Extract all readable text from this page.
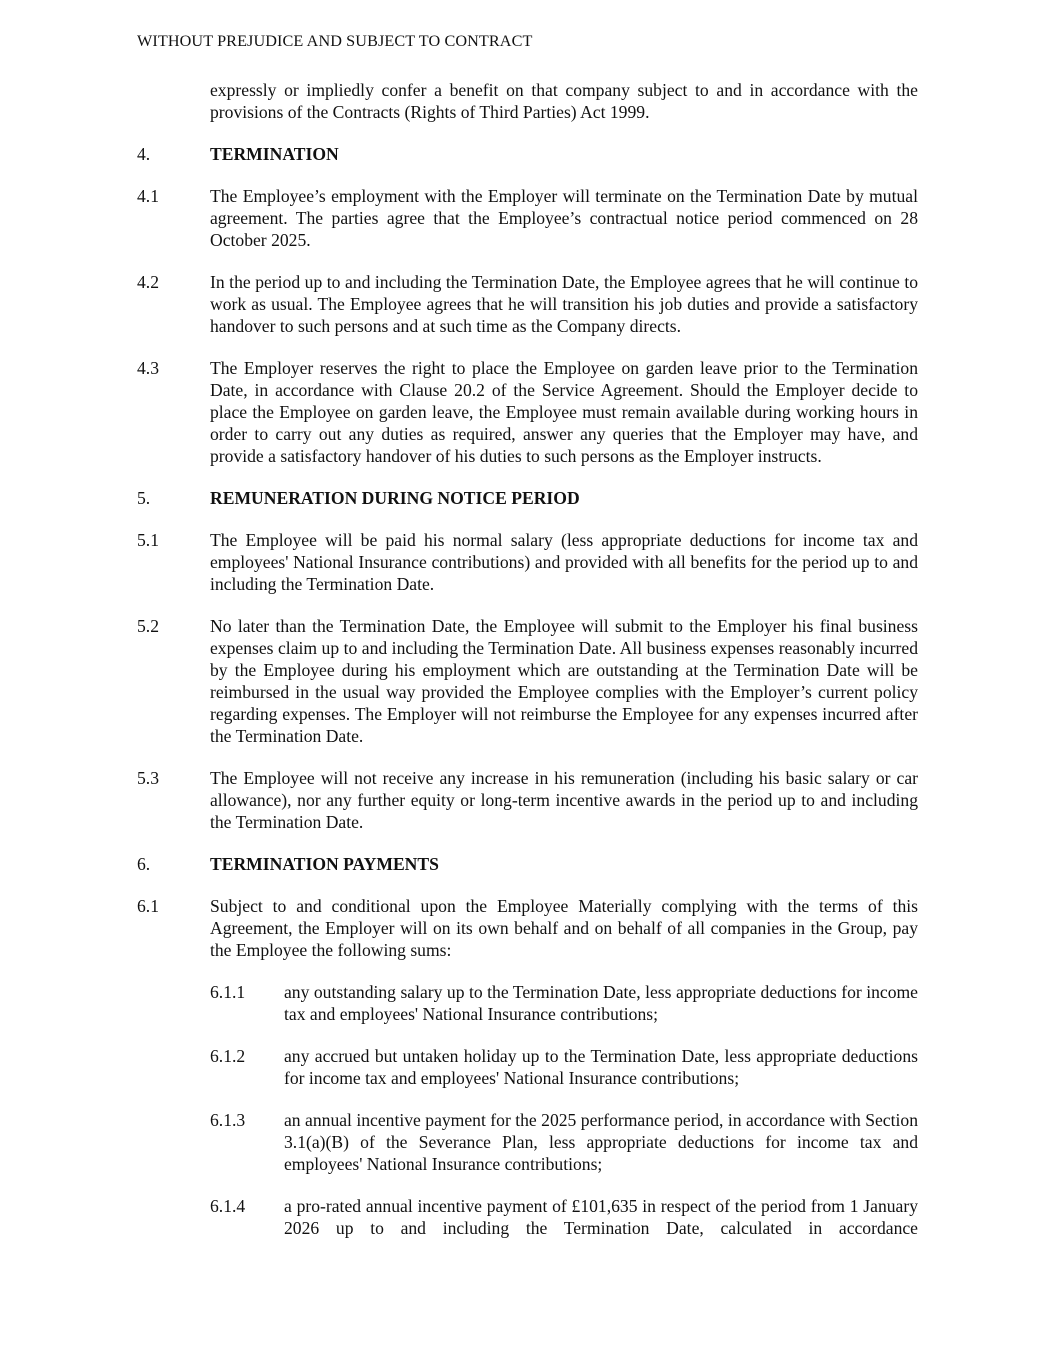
WITHOUT PREJUDICE AND SUBJECT TO CONTRACT
expressly or impliedly confer a benefit on that company subject to and in accordance with the provisions of the Contracts (Rights of Third Parties) Act 1999.
4.	TERMINATION
4.1	The Employee’s employment with the Employer will terminate on the Termination Date by mutual agreement. The parties agree that the Employee’s contractual notice period commenced on 28 October 2025.
4.2	In the period up to and including the Termination Date, the Employee agrees that he will continue to work as usual. The Employee agrees that he will transition his job duties and provide a satisfactory handover to such persons and at such time as the Company directs.
4.3	The Employer reserves the right to place the Employee on garden leave prior to the Termination Date, in accordance with Clause 20.2 of the Service Agreement. Should the Employer decide to place the Employee on garden leave, the Employee must remain available during working hours in order to carry out any duties as required, answer any queries that the Employer may have, and provide a satisfactory handover of his duties to such persons as the Employer instructs.
5.	REMUNERATION DURING NOTICE PERIOD
5.1	The Employee will be paid his normal salary (less appropriate deductions for income tax and employees' National Insurance contributions) and provided with all benefits for the period up to and including the Termination Date.
5.2	No later than the Termination Date, the Employee will submit to the Employer his final business expenses claim up to and including the Termination Date. All business expenses reasonably incurred by the Employee during his employment which are outstanding at the Termination Date will be reimbursed in the usual way provided the Employee complies with the Employer’s current policy regarding expenses. The Employer will not reimburse the Employee for any expenses incurred after the Termination Date.
5.3	The Employee will not receive any increase in his remuneration (including his basic salary or car allowance), nor any further equity or long-term incentive awards in the period up to and including the Termination Date.
6.	TERMINATION PAYMENTS
6.1	Subject to and conditional upon the Employee Materially complying with the terms of this Agreement, the Employer will on its own behalf and on behalf of all companies in the Group, pay the Employee the following sums:
6.1.1	any outstanding salary up to the Termination Date, less appropriate deductions for income tax and employees' National Insurance contributions;
6.1.2	any accrued but untaken holiday up to the Termination Date, less appropriate deductions for income tax and employees' National Insurance contributions;
6.1.3	an annual incentive payment for the 2025 performance period, in accordance with Section 3.1(a)(B) of the Severance Plan, less appropriate deductions for income tax and employees' National Insurance contributions;
6.1.4	a pro-rated annual incentive payment of £101,635 in respect of the period from 1 January 2026 up to and including the Termination Date, calculated in accordance
